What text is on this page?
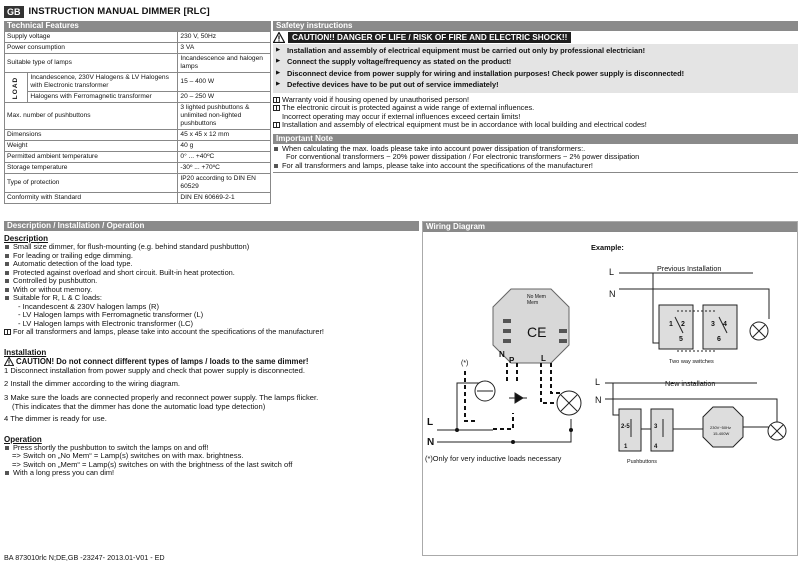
GB INSTRUCTION MANUAL DIMMER [RLC]
Technical Features
Supply voltage		230 V, 50Hz
Power consumption		3 VA
Suitable type of lamps		Incandescence and halogen lamps
LOAD	Incandescence, 230V Halogens & LV Halogens with Electronic transformer	15 – 400 W
	Halogens with Ferromagnetic transformer	20 – 250 W
Max. number of pushbuttons		3 lighted pushbuttons & unlimited non-lighted pushbuttons
Dimensions		45 x 45 x 12 mm
Weight		40 g
Permitted ambient temperature		0° ... +40ºC
Storage temperature		-30º ... +70ºC
Type of protection		IP20 according to DIN EN 60529
Conformity with Standard		DIN EN 60669-2-1
Safetey instructions
CAUTION!! DANGER OF LIFE / RISK OF FIRE AND ELECTRIC SHOCK!!
▶ Installation and assembly of electrical equipment must be carried out only by professional electrician!
▶ Connect the supply voltage/frequency as stated on the product!
▶ Disconnect device from power supply for wiring and installation purposes! Check power supply is disconnected!
▶ Defective devices have to be put out of service immediately!
Warranty void if housing opened by unauthorised person!
The electronic circuit is protected against a wide range of external influences.
Incorrect operating may occur if external influences exceed certain limits!
Installation and assembly of electrical equipment must be in accordance with local building and electrical codes!
Important Note
When calculating the max. loads please take into account power dissipation of transformers:.
For conventional transformers ~ 20% power dissipation / For electronic transformers ~ 2% power dissipation
For all transformers and lamps, please take into account the specifications of the manufacturer!
Description / Installation / Operation
Description
Small size dimmer, for flush-mounting (e.g. behind standard pushbutton)
For leading or trailing edge dimming.
Automatic detection of the load type.
Protected against overload and short circuit. Built-in heat protection.
Controlled by pushbutton.
With or without memory.
Suitable for R, L & C loads:
- Incandescent & 230V halogen lamps (R)
- LV Halogen lamps with Ferromagnetic transformer (L)
- LV Halogen lamps with Electronic transformer (LC)
For all transformers and lamps, please take into account the specifications of the manufacturer!
Installation
CAUTION! Do not connect different types of lamps / loads to the same dimmer!
1 Disconnect installation from power supply and check that power supply is disconnected.
2 Install the dimmer according to the wiring diagram.
3 Make sure the loads are connected properly and reconnect power supply. The lamps flicker.
(This indicates that the dimmer has done the automatic load type detection)
4 The dimmer is ready for use.
Operation
Press shortly the pushbutton to switch the lamps on and off!
=> Switch on „No Mem“ = Lamp(s) switches on with max. brightness.
=> Switch on „Mem“ = Lamp(s) switches on with the brightness of the last switch off
With a long press you can dim!
Wiring Diagram
CE
No Mem
Mem
N
P	L
(*)
L
N
(*)Only for very inductive loads necessary
Example:
Previous Installation
L
N
1 2
5
3 4
6
Two way switches
New installation
L
N
2-5
1
3
4
Pushbuttons
230V~50Hz
15-400W
BA 873010rlc N;DE,GB -23247- 2013.01-V01 - ED
